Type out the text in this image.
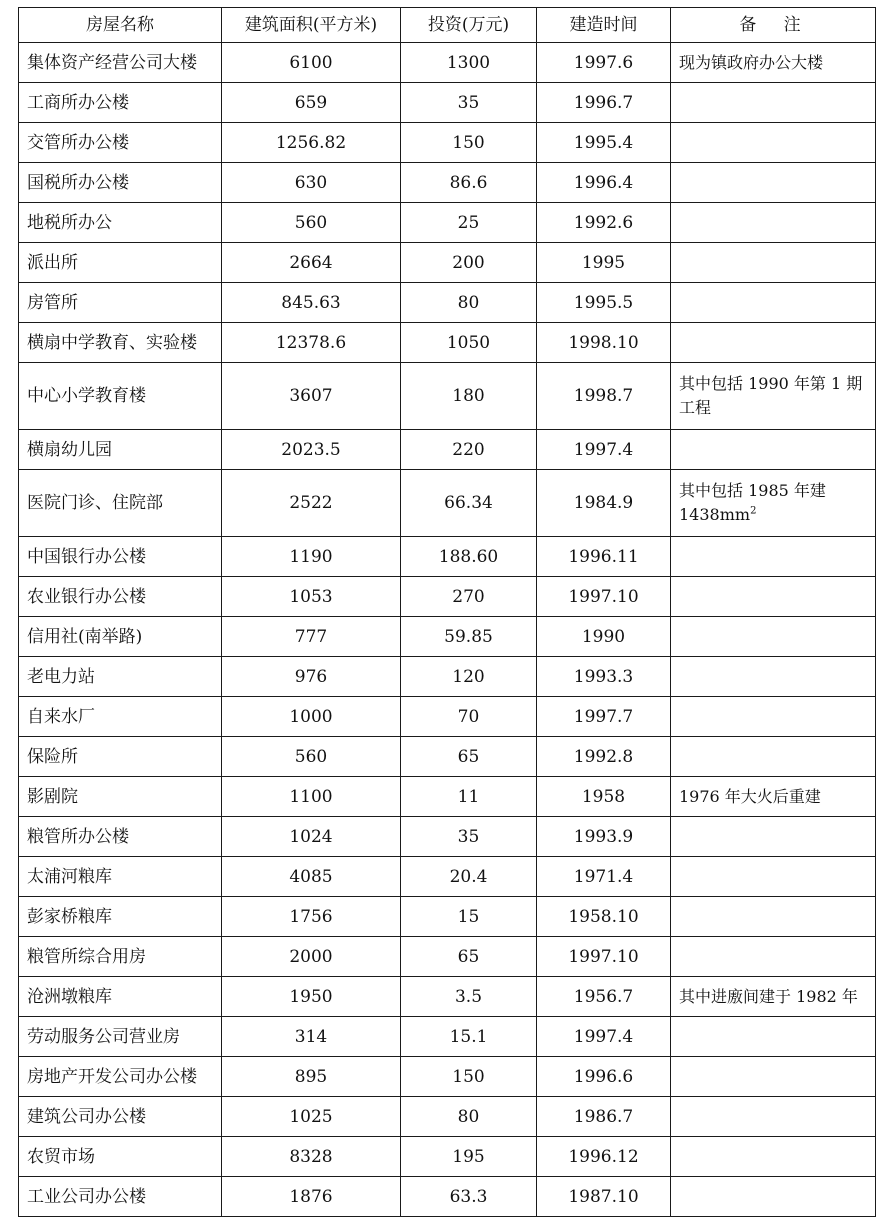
房屋名称	建筑面积(平方米)	投资(万元)	建造时间	备注
集体资产经营公司大楼	6100	1300	1997.6	现为镇政府办公大楼
工商所办公楼	659	35	1996.7	
交管所办公楼	1256.82	150	1995.4	
国税所办公楼	630	86.6	1996.4	
地税所办公	560	25	1992.6	
派出所	2664	200	1995	
房管所	845.63	80	1995.5	
横扇中学教育、实验楼	12378.6	1050	1998.10	
中心小学教育楼	3607	180	1998.7	其中包括 1990 年第 1 期工程
横扇幼儿园	2023.5	220	1997.4	
医院门诊、住院部	2522	66.34	1984.9	其中包括 1985 年建 $1438mm^2$
中国银行办公楼	1190	188.60	1996.11	
农业银行办公楼	1053	270	1997.10	
信用社(南举路)	777	59.85	1990	
老电力站	976	120	1993.3	
自来水厂	1000	70	1997.7	
保险所	560	65	1992.8	
影剧院	1100	11	1958	1976 年大火后重建
粮管所办公楼	1024	35	1993.9	
太浦河粮库	4085	20.4	1971.4	
彭家桥粮库	1756	15	1958.10	
粮管所综合用房	2000	65	1997.10	
沧洲墩粮库	1950	3.5	1956.7	其中进廒间建于 1982 年
劳动服务公司营业房	314	15.1	1997.4	
房地产开发公司办公楼	895	150	1996.6	
建筑公司办公楼	1025	80	1986.7	
农贸市场	8328	195	1996.12	
工业公司办公楼	1876	63.3	1987.10	
